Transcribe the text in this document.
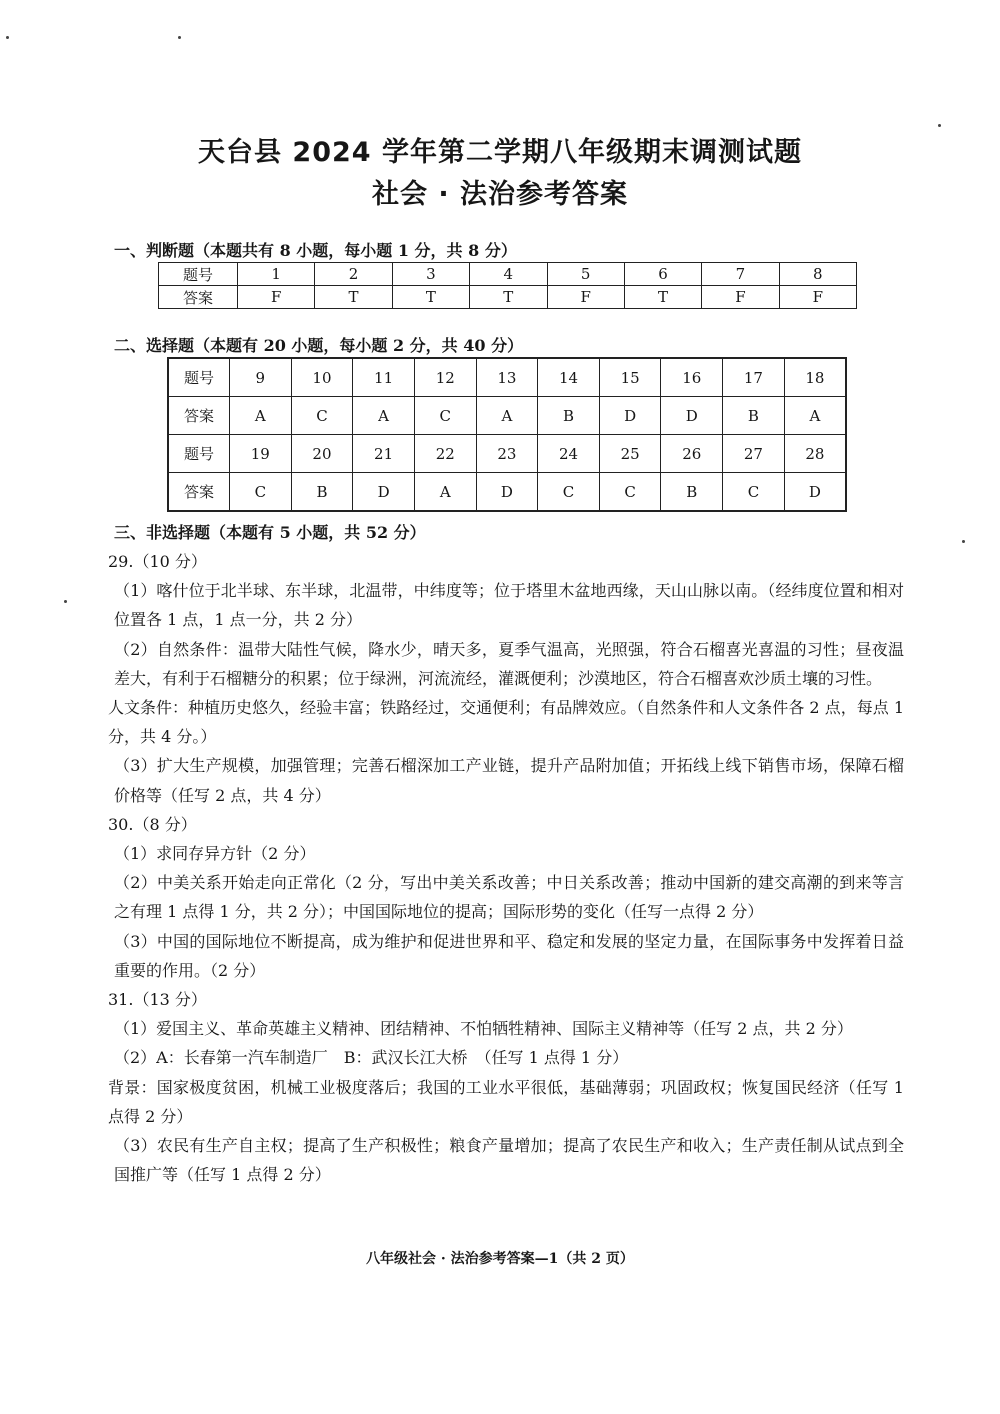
天台县 2024 学年第二学期八年级期末调测试题
社会 · 法治参考答案
一、判断题（本题共有 8 小题，每小题 1 分，共 8 分）
题号	1	2	3	4	5	6	7	8
答案	F	T	T	T	F	T	F	F
二、选择题（本题有 20 小题，每小题 2 分，共 40 分）
题号	9	10	11	12	13	14	15	16	17	18
答案	A	C	A	C	A	B	D	D	B	A
题号	19	20	21	22	23	24	25	26	27	28
答案	C	B	D	A	D	C	C	B	C	D
三、非选择题（本题有 5 小题，共 52 分）

29.（10 分）

（1）喀什位于北半球、东半球，北温带，中纬度等；位于塔里木盆地西缘，天山山脉以南。（经纬度位置和相对位置各 1 点，1 点一分，共 2 分）

（2）自然条件：温带大陆性气候，降水少，晴天多，夏季气温高，光照强，符合石榴喜光喜温的习性；昼夜温差大，有利于石榴糖分的积累；位于绿洲，河流流经，灌溉便利；沙漠地区，符合石榴喜欢沙质土壤的习性。

人文条件：种植历史悠久，经验丰富；铁路经过，交通便利；有品牌效应。（自然条件和人文条件各 2 点，每点 1 分，共 4 分。）

（3）扩大生产规模，加强管理；完善石榴深加工产业链，提升产品附加值；开拓线上线下销售市场，保障石榴价格等（任写 2 点，共 4 分）

30.（8 分）

（1）求同存异方针（2 分）

（2）中美关系开始走向正常化（2 分，写出中美关系改善；中日关系改善；推动中国新的建交高潮的到来等言之有理 1 点得 1 分，共 2 分）；中国国际地位的提高；国际形势的变化（任写一点得 2 分）

（3）中国的国际地位不断提高，成为维护和促进世界和平、稳定和发展的坚定力量，在国际事务中发挥着日益重要的作用。（2 分）

31.（13 分）

（1）爱国主义、革命英雄主义精神、团结精神、不怕牺牲精神、国际主义精神等（任写 2 点，共 2 分）

（2）A：长春第一汽车制造厂　B：武汉长江大桥　（任写 1 点得 1 分）

背景：国家极度贫困，机械工业极度落后；我国的工业水平很低，基础薄弱；巩固政权；恢复国民经济（任写 1 点得 2 分）

（3）农民有生产自主权；提高了生产积极性；粮食产量增加；提高了农民生产和收入；生产责任制从试点到全国推广等（任写 1 点得 2 分）

八年级社会 · 法治参考答案—1（共 2 页）
